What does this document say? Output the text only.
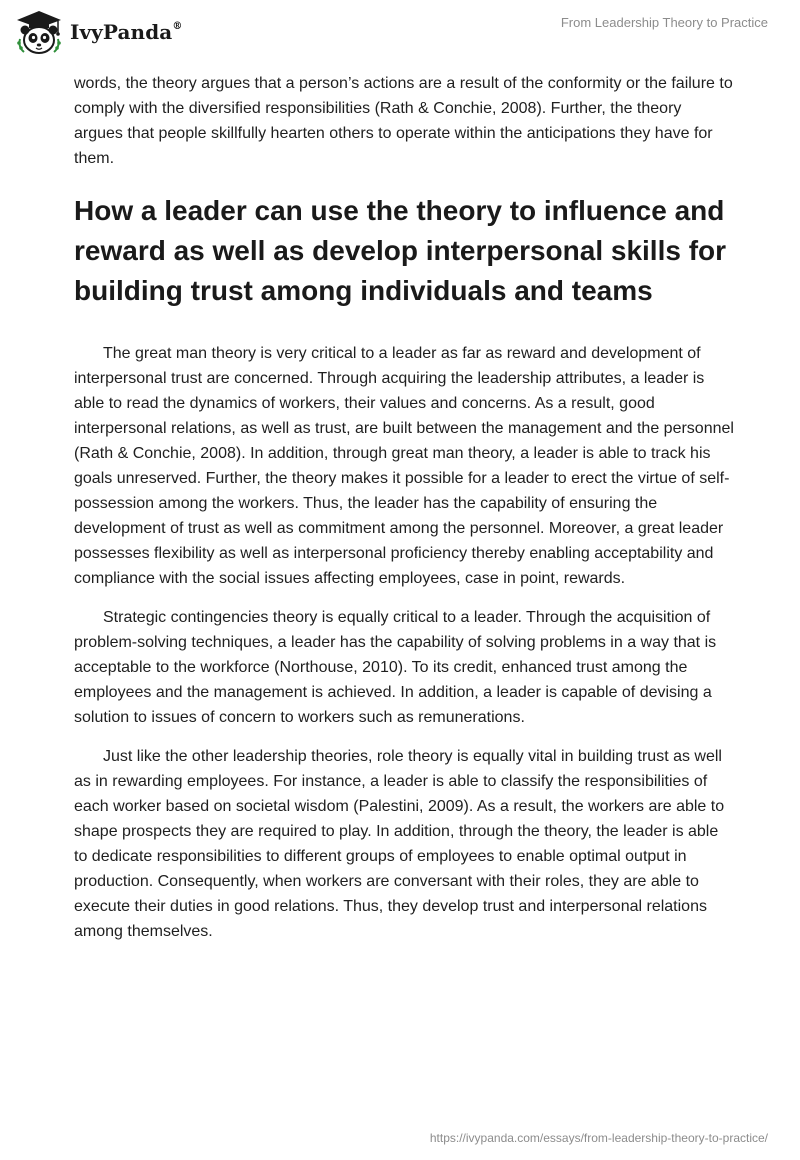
IvyPanda®	From Leadership Theory to Practice

words, the theory argues that a person’s actions are a result of the conformity or the failure to comply with the diversified responsibilities (Rath & Conchie, 2008). Further, the theory argues that people skillfully hearten others to operate within the anticipations they have for them.

How a leader can use the theory to influence and reward as well as develop interpersonal skills for building trust among individuals and teams

The great man theory is very critical to a leader as far as reward and development of interpersonal trust are concerned. Through acquiring the leadership attributes, a leader is able to read the dynamics of workers, their values and concerns. As a result, good interpersonal relations, as well as trust, are built between the management and the personnel (Rath & Conchie, 2008). In addition, through great man theory, a leader is able to track his goals unreserved. Further, the theory makes it possible for a leader to erect the virtue of self-possession among the workers. Thus, the leader has the capability of ensuring the development of trust as well as commitment among the personnel. Moreover, a great leader possesses flexibility as well as interpersonal proficiency thereby enabling acceptability and compliance with the social issues affecting employees, case in point, rewards.

Strategic contingencies theory is equally critical to a leader. Through the acquisition of problem-solving techniques, a leader has the capability of solving problems in a way that is acceptable to the workforce (Northouse, 2010). To its credit, enhanced trust among the employees and the management is achieved. In addition, a leader is capable of devising a solution to issues of concern to workers such as remunerations.

Just like the other leadership theories, role theory is equally vital in building trust as well as in rewarding employees. For instance, a leader is able to classify the responsibilities of each worker based on societal wisdom (Palestini, 2009). As a result, the workers are able to shape prospects they are required to play. In addition, through the theory, the leader is able to dedicate responsibilities to different groups of employees to enable optimal output in production. Consequently, when workers are conversant with their roles, they are able to execute their duties in good relations. Thus, they develop trust and interpersonal relations among themselves.

https://ivypanda.com/essays/from-leadership-theory-to-practice/
